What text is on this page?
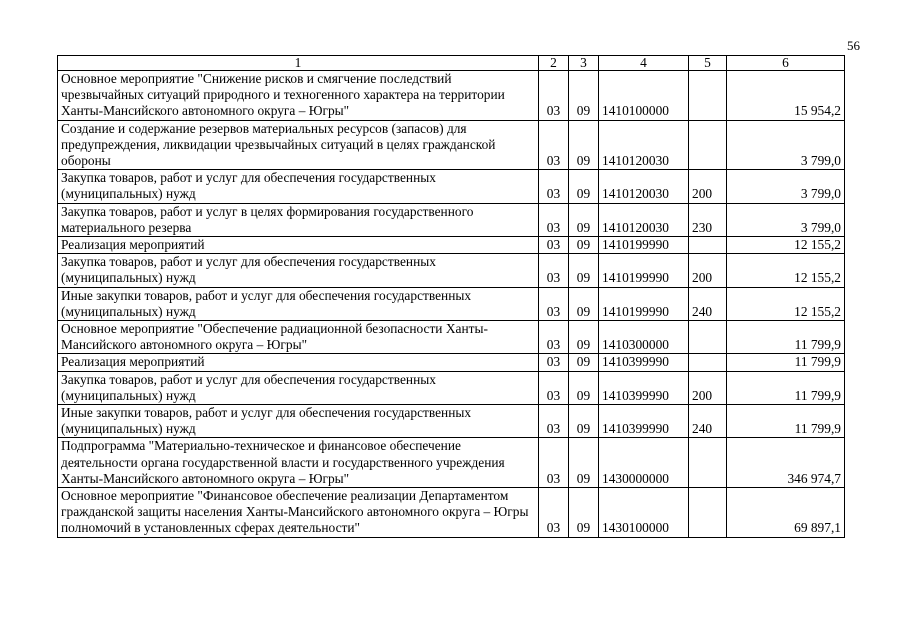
56
1	2	3	4	5	6
Основное мероприятие "Снижение рисков и смягчение последствий чрезвычайных ситуаций природного и техногенного характера на территории Ханты-Мансийского автономного округа – Югры"	03	09	1410100000		15 954,2
Создание и содержание резервов материальных ресурсов (запасов) для предупреждения, ликвидации чрезвычайных ситуаций в целях гражданской обороны	03	09	1410120030		3 799,0
Закупка товаров, работ и услуг для обеспечения государственных (муниципальных) нужд	03	09	1410120030	200	3 799,0
Закупка товаров, работ и услуг в целях формирования государственного материального резерва	03	09	1410120030	230	3 799,0
Реализация мероприятий	03	09	1410199990		12 155,2
Закупка товаров, работ и услуг для обеспечения государственных (муниципальных) нужд	03	09	1410199990	200	12 155,2
Иные закупки товаров, работ и услуг для обеспечения государственных (муниципальных) нужд	03	09	1410199990	240	12 155,2
Основное мероприятие "Обеспечение радиационной безопасности Ханты-Мансийского автономного округа – Югры"	03	09	1410300000		11 799,9
Реализация мероприятий	03	09	1410399990		11 799,9
Закупка товаров, работ и услуг для обеспечения государственных (муниципальных) нужд	03	09	1410399990	200	11 799,9
Иные закупки товаров, работ и услуг для обеспечения государственных (муниципальных) нужд	03	09	1410399990	240	11 799,9
Подпрограмма "Материально-техническое и финансовое обеспечение деятельности органа государственной власти и государственного учреждения Ханты-Мансийского автономного округа – Югры"	03	09	1430000000		346 974,7
Основное мероприятие "Финансовое обеспечение реализации Департаментом гражданской защиты населения Ханты-Мансийского автономного округа – Югры полномочий в установленных сферах деятельности"	03	09	1430100000		69 897,1
